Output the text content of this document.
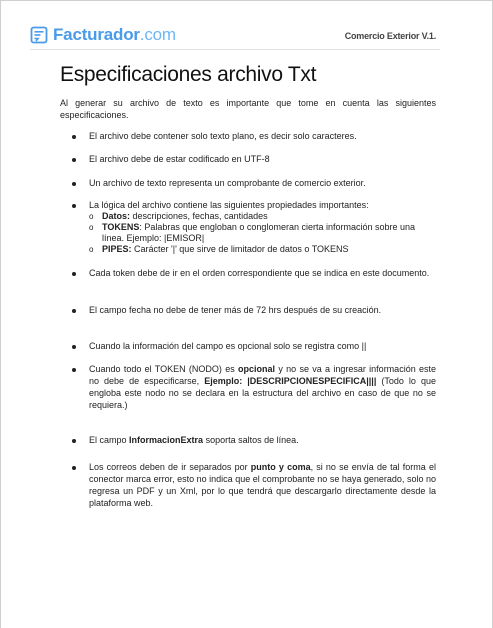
Facturador.com	Comercio Exterior V.1.
Especificaciones archivo Txt
Al generar su archivo de texto es importante que tome en cuenta las siguientes especificaciones.
El archivo debe contener solo texto plano, es decir solo caracteres.
El archivo debe de estar codificado en UTF-8
Un archivo de texto representa un comprobante de comercio exterior.
La lógica del archivo contiene las siguientes propiedades importantes:
o Datos: descripciones, fechas, cantidades
o TOKENS: Palabras que engloban o conglomeran cierta información sobre una línea. Ejemplo: |EMISOR|
o PIPES: Carácter '|' que sirve de limitador de datos o TOKENS
Cada token debe de ir en el orden correspondiente que se indica en este documento.
El campo fecha no debe de tener más de 72 hrs después de su creación.
Cuando la información del campo es opcional solo se registra como ||
Cuando todo el TOKEN (NODO) es opcional y no se va a ingresar información este no debe de especificarse, Ejemplo: |DESCRIPCIONESPECIFICA|||| (Todo lo que engloba este nodo no se declara en la estructura del archivo en caso de que no se requiera.)
El campo InformacionExtra soporta saltos de línea.
Los correos deben de ir separados por punto y coma, si no se envía de tal forma el conector marca error, esto no indica que el comprobante no se haya generado, solo no regresa un PDF y un Xml, por lo que tendrá que descargarlo directamente desde la plataforma web.
